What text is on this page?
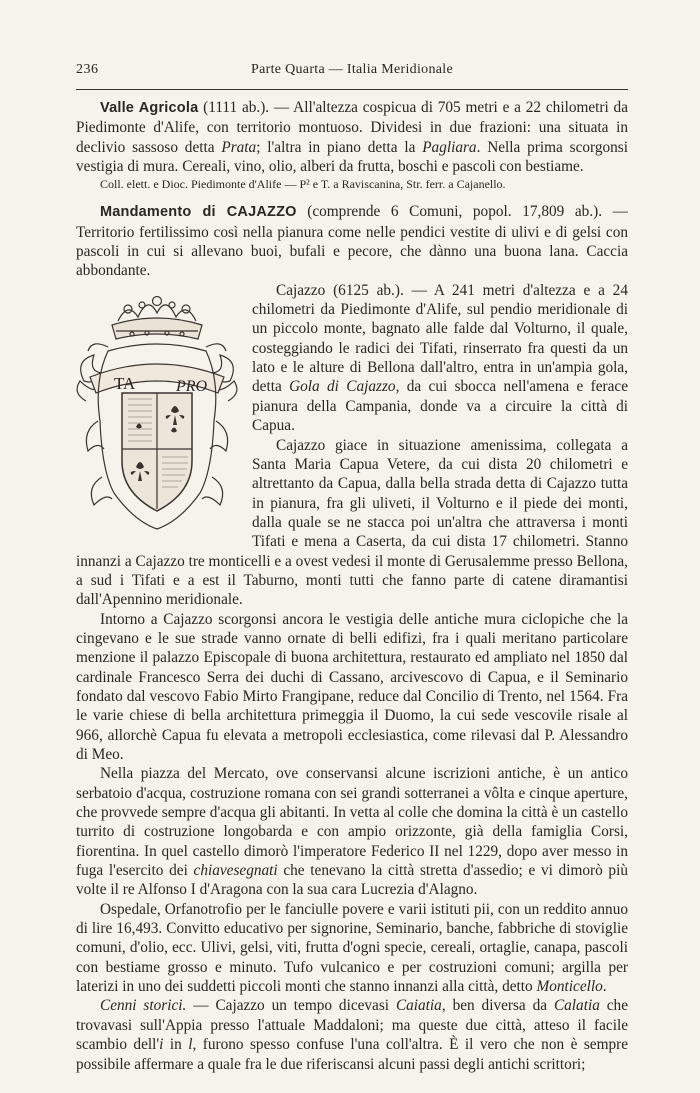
236	Parte Quarta — Italia Meridionale

Valle Agricola (1111 ab.). — All'altezza cospicua di 705 metri e a 22 chilometri da Piedimonte d'Alife, con territorio montuoso. Dividesi in due frazioni: una situata in declivio sassoso detta Prata; l'altra in piano detta la Pagliara. Nella prima scorgonsi vestigia di mura. Cereali, vino, olio, alberi da frutta, boschi e pascoli con bestiame.

Coll. elett. e Dioc. Piedimonte d'Alife — P² e T. a Raviscanina, Str. ferr. a Cajanello.

Mandamento di CAJAZZO (comprende 6 Comuni, popol. 17,809 ab.). — Territorio fertilissimo così nella pianura come nelle pendici vestite di ulivi e di gelsi con pascoli in cui si allevano buoi, bufali e pecore, che dànno una buona lana. Caccia abbondante.

TA	PRO

Cajazzo (6125 ab.). — A 241 metri d'altezza e a 24 chilometri da Piedimonte d'Alife, sul pendio meridionale di un piccolo monte, bagnato alle falde dal Volturno, il quale, costeggiando le radici dei Tifati, rinserrato fra questi da un lato e le alture di Bellona dall'altro, entra in un'ampia gola, detta Gola di Cajazzo, da cui sbocca nell'amena e ferace pianura della Campania, donde va a circuire la città di Capua.

Cajazzo giace in situazione amenissima, collegata a Santa Maria Capua Vetere, da cui dista 20 chilometri e altrettanto da Capua, dalla bella strada detta di Cajazzo tutta in pianura, fra gli uliveti, il Volturno e il piede dei monti, dalla quale se ne stacca poi un'altra che attraversa i monti Tifati e mena a Caserta, da cui dista 17 chilometri. Stanno innanzi a Cajazzo tre monticelli e a ovest vedesi il monte di Gerusalemme presso Bellona, a sud i Tifati e a est il Taburno, monti tutti che fanno parte di catene diramantisi dall'Apennino meridionale.

Intorno a Cajazzo scorgonsi ancora le vestigia delle antiche mura ciclopiche che la cingevano e le sue strade vanno ornate di belli edifizi, fra i quali meritano particolare menzione il palazzo Episcopale di buona architettura, restaurato ed ampliato nel 1850 dal cardinale Francesco Serra dei duchi di Cassano, arcivescovo di Capua, e il Seminario fondato dal vescovo Fabio Mirto Frangipane, reduce dal Concilio di Trento, nel 1564. Fra le varie chiese di bella architettura primeggia il Duomo, la cui sede vescovile risale al 966, allorchè Capua fu elevata a metropoli ecclesiastica, come rilevasi dal P. Alessandro di Meo.

Nella piazza del Mercato, ove conservansi alcune iscrizioni antiche, è un antico serbatoio d'acqua, costruzione romana con sei grandi sotterranei a vôlta e cinque aperture, che provvede sempre d'acqua gli abitanti. In vetta al colle che domina la città è un castello turrito di costruzione longobarda e con ampio orizzonte, già della famiglia Corsi, fiorentina. In quel castello dimorò l'imperatore Federico II nel 1229, dopo aver messo in fuga l'esercito dei chiavesegnati che tenevano la città stretta d'assedio; e vi dimorò più volte il re Alfonso I d'Aragona con la sua cara Lucrezia d'Alagno.

Ospedale, Orfanotrofio per le fanciulle povere e varii istituti pii, con un reddito annuo di lire 16,493. Convitto educativo per signorine, Seminario, banche, fabbriche di stoviglie comuni, d'olio, ecc. Ulivi, gelsi, viti, frutta d'ogni specie, cereali, ortaglie, canapa, pascoli con bestiame grosso e minuto. Tufo vulcanico e per costruzioni comuni; argilla per laterizi in uno dei suddetti piccoli monti che stanno innanzi alla città, detto Monticello.

Cenni storici. — Cajazzo un tempo dicevasi Caiatia, ben diversa da Calatia che trovavasi sull'Appia presso l'attuale Maddaloni; ma queste due città, atteso il facile scambio dell'i in l, furono spesso confuse l'una coll'altra. È il vero che non è sempre possibile affermare a quale fra le due riferiscansi alcuni passi degli antichi scrittori;
